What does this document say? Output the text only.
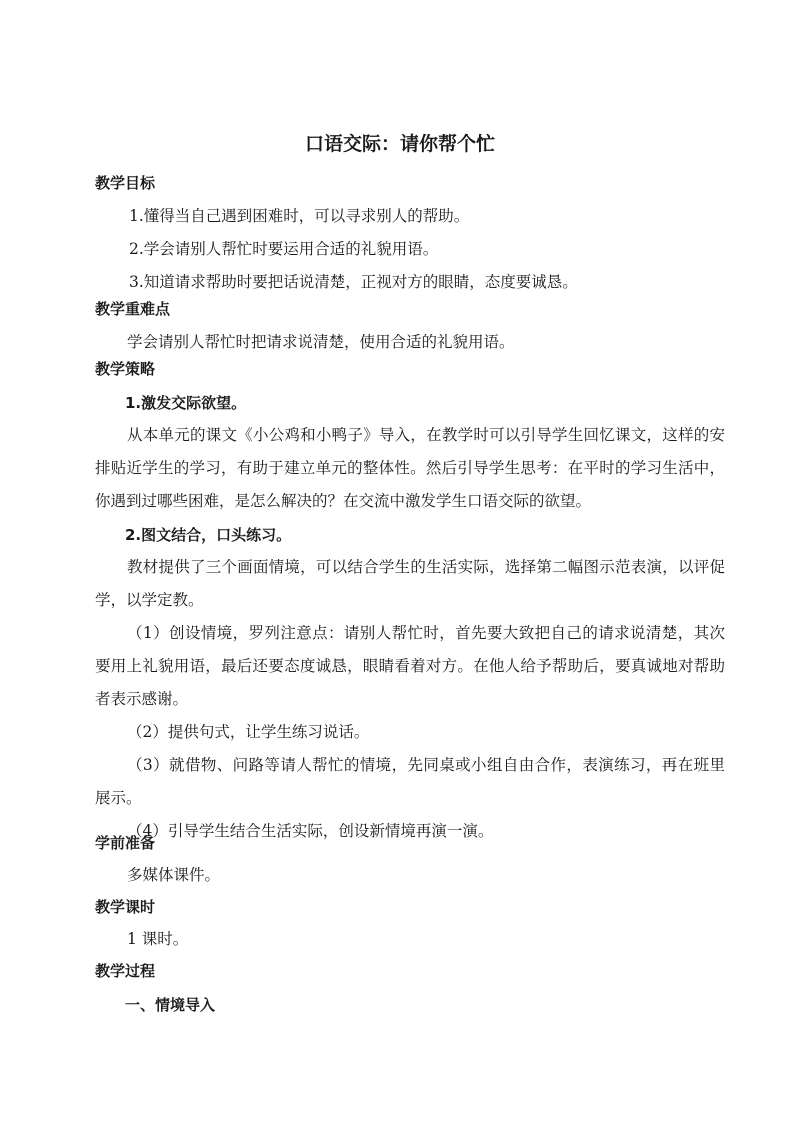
口语交际：请你帮个忙
教学目标
1.懂得当自己遇到困难时，可以寻求别人的帮助。
2.学会请别人帮忙时要运用合适的礼貌用语。
3.知道请求帮助时要把话说清楚，正视对方的眼睛，态度要诚恳。
教学重难点
学会请别人帮忙时把请求说清楚，使用合适的礼貌用语。
教学策略
1.激发交际欲望。
从本单元的课文《小公鸡和小鸭子》导入，在教学时可以引导学生回忆课文，这样的安排贴近学生的学习，有助于建立单元的整体性。然后引导学生思考：在平时的学习生活中，你遇到过哪些困难，是怎么解决的？在交流中激发学生口语交际的欲望。
2.图文结合，口头练习。
教材提供了三个画面情境，可以结合学生的生活实际，选择第二幅图示范表演，以评促学，以学定教。
（1）创设情境，罗列注意点：请别人帮忙时，首先要大致把自己的请求说清楚，其次要用上礼貌用语，最后还要态度诚恳，眼睛看着对方。在他人给予帮助后，要真诚地对帮助者表示感谢。
（2）提供句式，让学生练习说话。
（3）就借物、问路等请人帮忙的情境，先同桌或小组自由合作，表演练习，再在班里展示。
（4）引导学生结合生活实际，创设新情境再演一演。
学前准备
多媒体课件。
教学课时
1 课时。
教学过程
一、情境导入
